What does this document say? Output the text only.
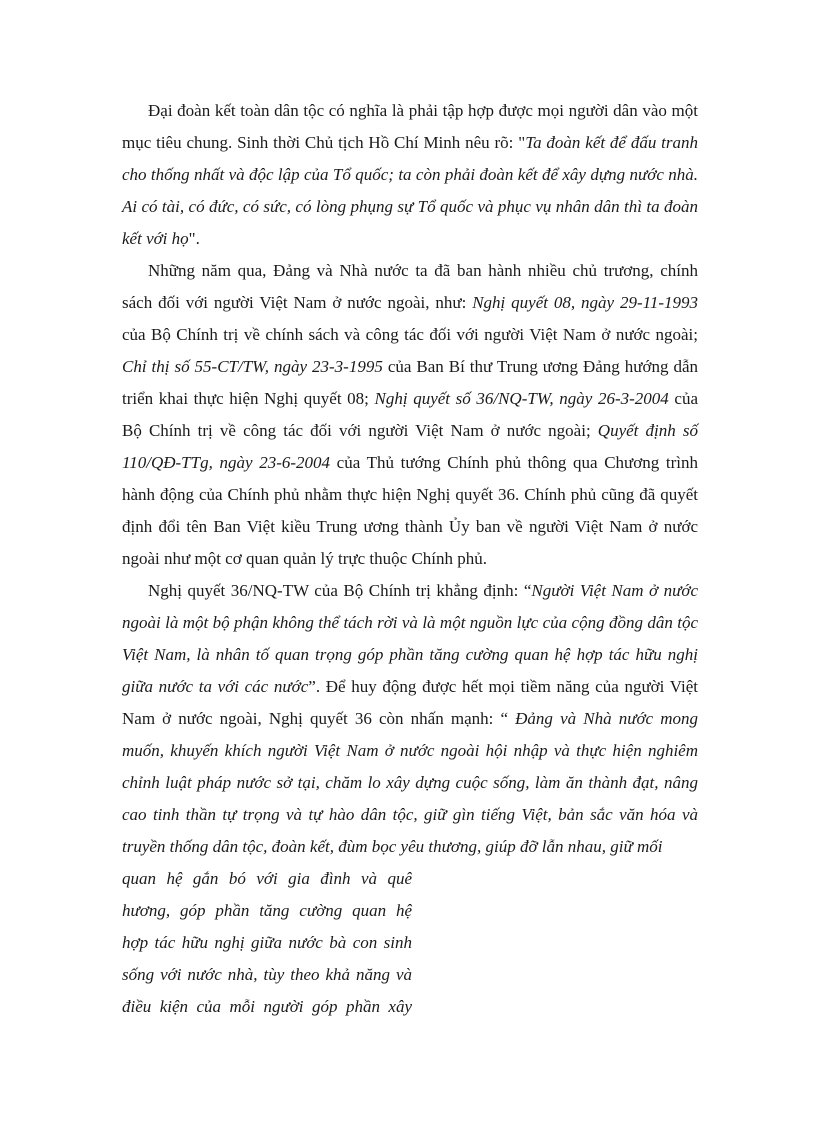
Đại đoàn kết toàn dân tộc có nghĩa là phải tập hợp được mọi người dân vào một mục tiêu chung. Sinh thời Chủ tịch Hồ Chí Minh nêu rõ: "Ta đoàn kết để đấu tranh cho thống nhất và độc lập của Tổ quốc; ta còn phải đoàn kết để xây dựng nước nhà. Ai có tài, có đức, có sức, có lòng phụng sự Tổ quốc và phục vụ nhân dân thì ta đoàn kết với họ".

Những năm qua, Đảng và Nhà nước ta đã ban hành nhiều chủ trương, chính sách đối với người Việt Nam ở nước ngoài, như: Nghị quyết 08, ngày 29-11-1993 của Bộ Chính trị về chính sách và công tác đối với người Việt Nam ở nước ngoài; Chỉ thị số 55-CT/TW, ngày 23-3-1995 của Ban Bí thư Trung ương Đảng hướng dẫn triển khai thực hiện Nghị quyết 08; Nghị quyết số 36/NQ-TW, ngày 26-3-2004 của Bộ Chính trị về công tác đối với người Việt Nam ở nước ngoài; Quyết định số 110/QĐ-TTg, ngày 23-6-2004 của Thủ tướng Chính phủ thông qua Chương trình hành động của Chính phủ nhằm thực hiện Nghị quyết 36. Chính phủ cũng đã quyết định đổi tên Ban Việt kiều Trung ương thành Ủy ban về người Việt Nam ở nước ngoài như một cơ quan quản lý trực thuộc Chính phủ.

Nghị quyết 36/NQ-TW của Bộ Chính trị khẳng định: “Người Việt Nam ở nước ngoài là một bộ phận không thể tách rời và là một nguồn lực của cộng đồng dân tộc Việt Nam, là nhân tố quan trọng góp phần tăng cường quan hệ hợp tác hữu nghị giữa nước ta với các nước”. Để huy động được hết mọi tiềm năng của người Việt Nam ở nước ngoài, Nghị quyết 36 còn nhấn mạnh: “ Đảng và Nhà nước mong muốn, khuyến khích người Việt Nam ở nước ngoài hội nhập và thực hiện nghiêm chỉnh luật pháp nước sở tại, chăm lo xây dựng cuộc sống, làm ăn thành đạt, nâng cao tinh thần tự trọng và tự hào dân tộc, giữ gìn tiếng Việt, bản sắc văn hóa và truyền thống dân tộc, đoàn kết, đùm bọc yêu thương, giúp đỡ lẫn nhau, giữ mối

quan hệ gắn bó với gia đình và quê
hương, góp phần tăng cường quan hệ
hợp tác hữu nghị giữa nước bà con sinh
sống với nước nhà, tùy theo khả năng và
điều kiện của mỗi người góp phần xây
